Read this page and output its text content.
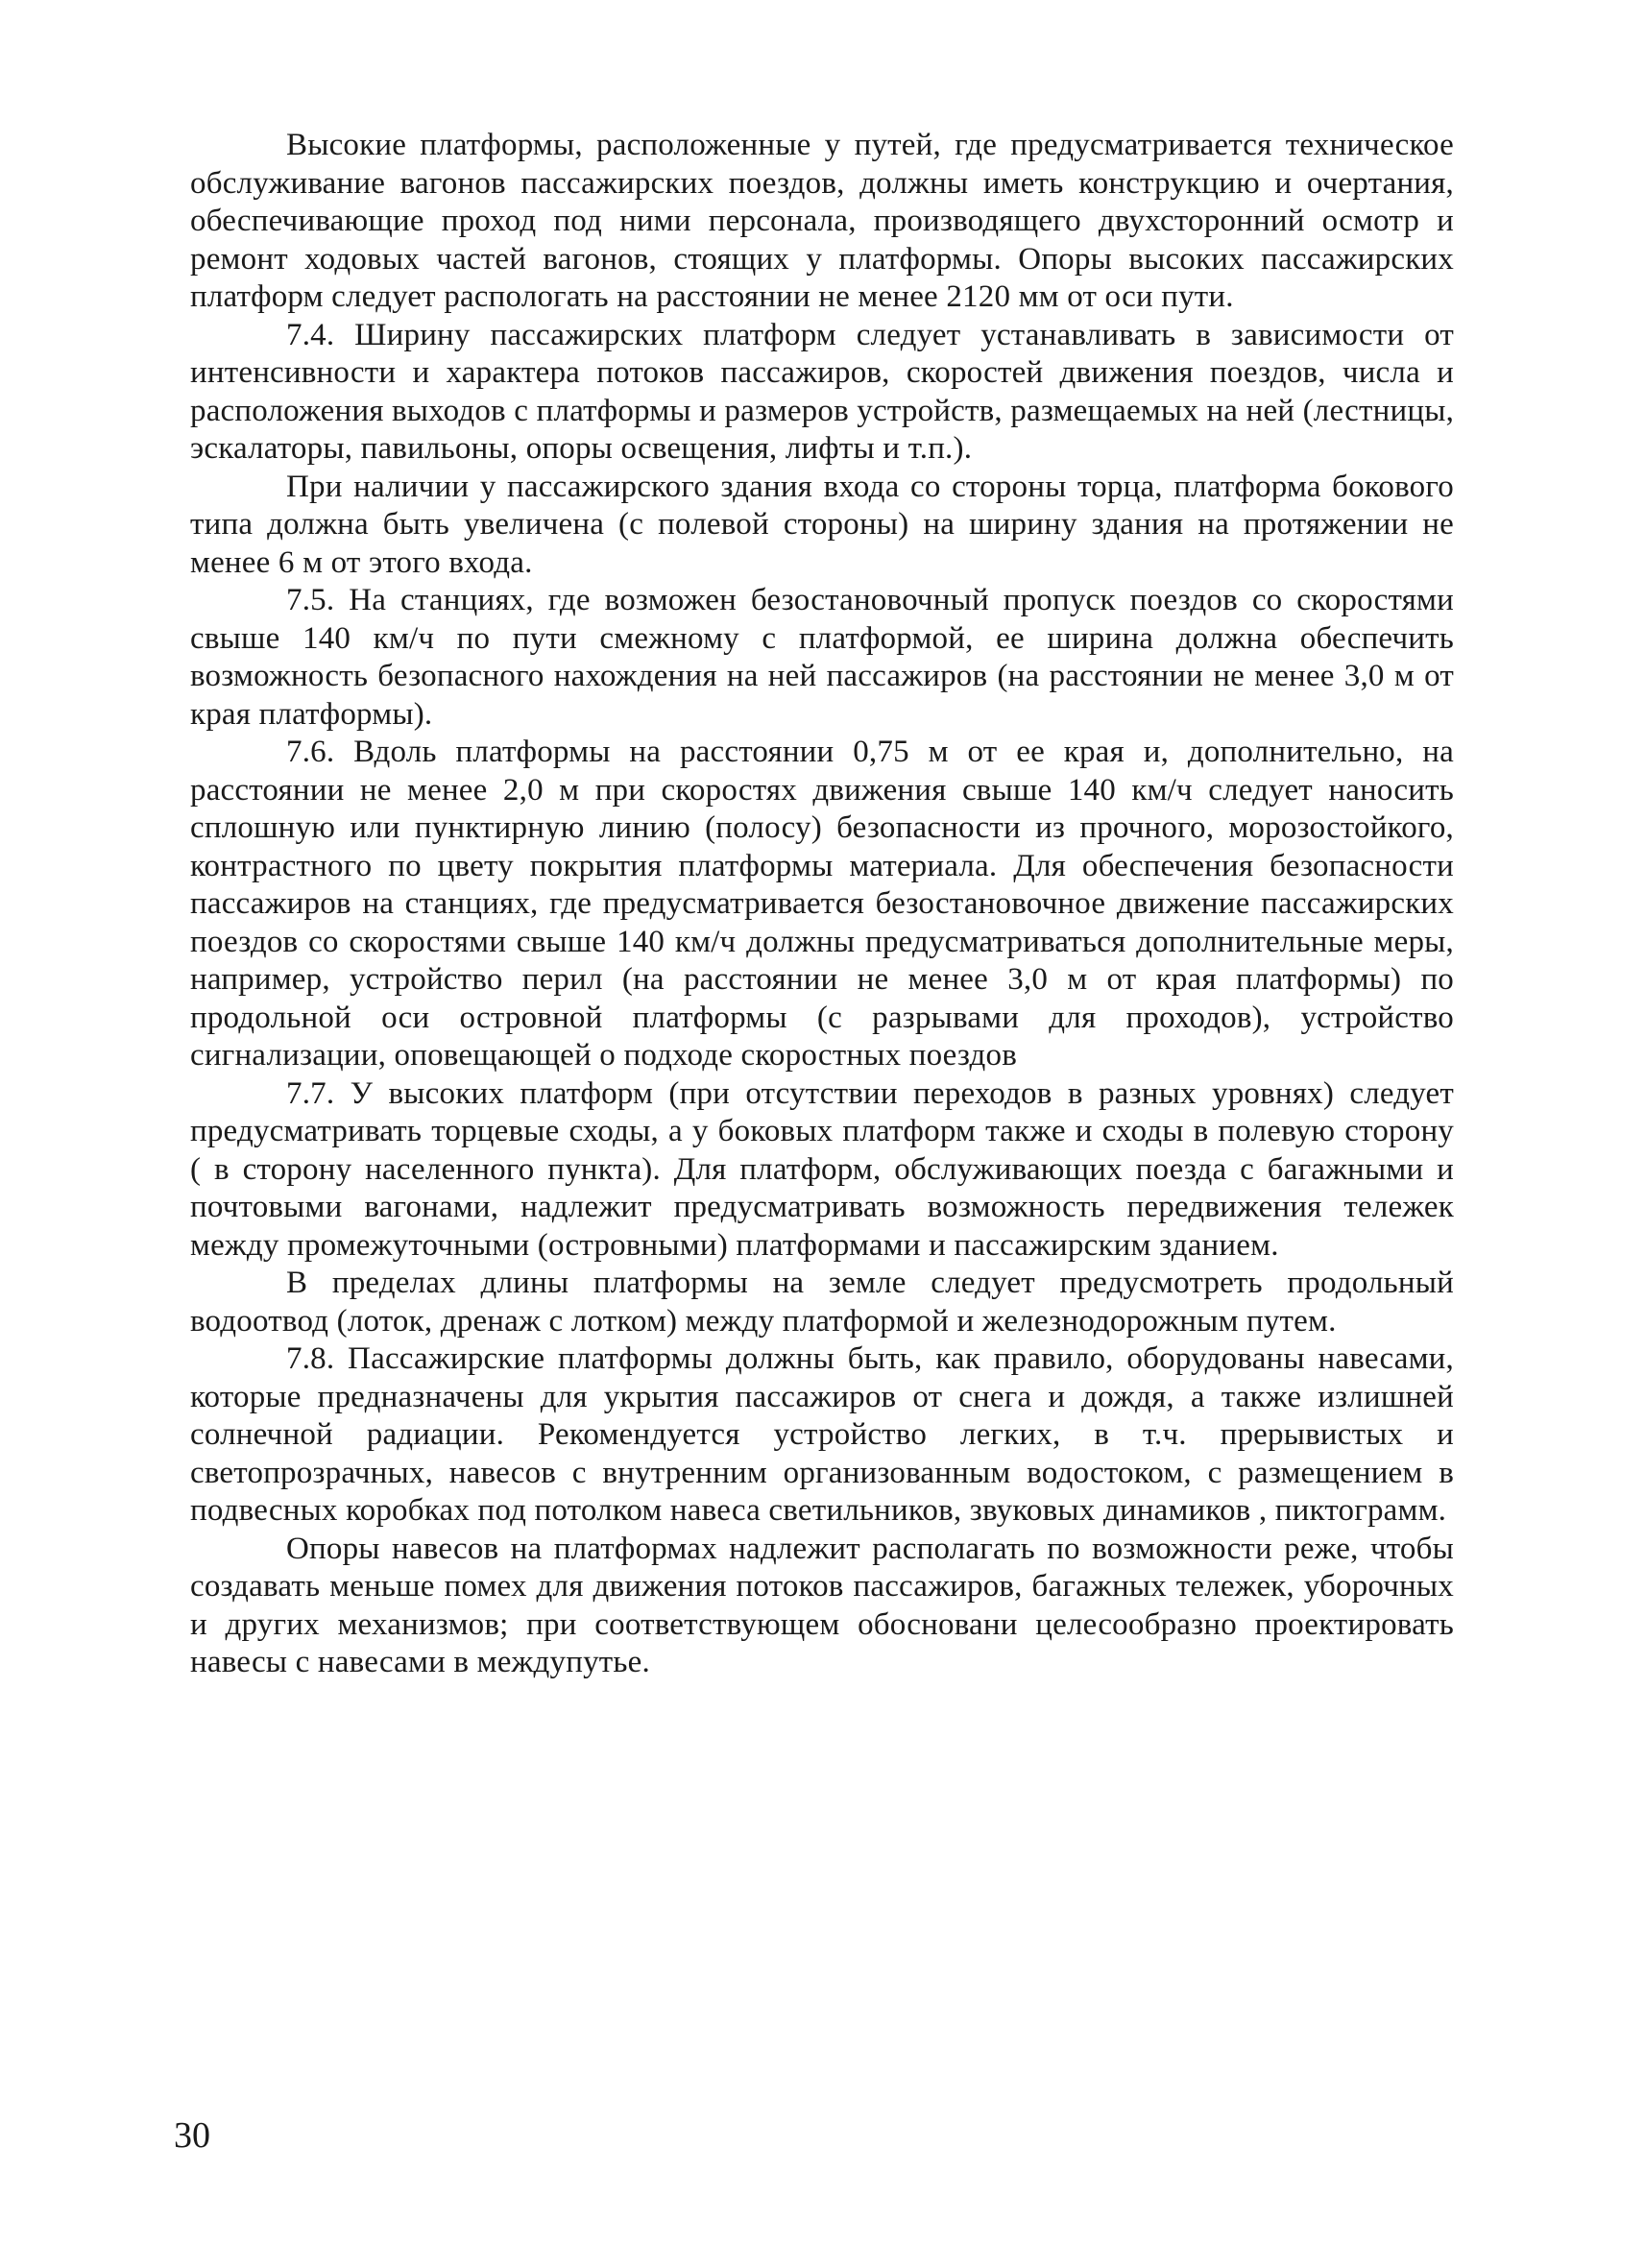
Высокие платформы, расположенные у путей, где предусматривается техническое обслуживание вагонов пассажирских поездов, должны иметь конструкцию и очертания, обеспечивающие проход под ними персонала, производящего двухсторонний осмотр и ремонт ходовых частей вагонов, стоящих у платформы. Опоры высоких пассажирских платформ следует распологать на расстоянии не менее 2120 мм от оси пути.

7.4. Ширину пассажирских платформ следует устанавливать в зависимости от интенсивности и характера потоков пассажиров, скоростей движения поездов, числа и расположения выходов с платформы и размеров устройств, размещаемых на ней (лестницы, эскалаторы, павильоны, опоры освещения, лифты и т.п.).

При наличии у пассажирского здания входа со стороны торца, платформа бокового типа должна быть увеличена (с полевой стороны) на ширину здания на протяжении не менее 6 м от этого входа.

7.5. На станциях, где возможен безостановочный пропуск поездов со скоростями свыше 140 км/ч по пути смежному с платформой, ее ширина должна обеспечить возможность безопасного нахождения на ней пассажиров (на расстоянии не менее 3,0 м от края платформы).

7.6. Вдоль платформы на расстоянии 0,75 м от ее края и, дополнительно, на расстоянии не менее 2,0 м при скоростях движения свыше 140 км/ч следует наносить сплошную или пунктирную линию (полосу) безопасности из прочного, морозостойкого, контрастного по цвету покрытия платформы материала. Для обеспечения безопасности пассажиров на станциях, где предусматривается безостановочное движение пассажирских поездов со скоростями свыше 140 км/ч должны предусматриваться дополнительные меры, например, устройство перил (на расстоянии не менее 3,0 м от края платформы) по продольной оси островной платформы (с разрывами для проходов), устройство сигнализации, оповещающей о подходе скоростных поездов

7.7. У высоких платформ (при отсутствии переходов в разных уровнях) следует предусматривать торцевые сходы, а у боковых платформ также и сходы в полевую сторону ( в сторону населенного пункта). Для платформ, обслуживающих поезда с багажными и почтовыми вагонами, надлежит предусматривать возможность передвижения тележек между промежуточными (островными) платформами и пассажирским зданием.

В пределах длины платформы на земле следует предусмотреть продольный водоотвод (лоток, дренаж с лотком) между платформой и железнодорожным путем.

7.8. Пассажирские платформы должны быть, как правило, оборудованы навесами, которые предназначены для укрытия пассажиров от снега и дождя, а также излишней солнечной радиации. Рекомендуется устройство легких, в т.ч. прерывистых и светопрозрачных, навесов с внутренним организованным водостоком, с размещением в подвесных коробках под потолком навеса светильников, звуковых динамиков , пиктограмм.

Опоры навесов на платформах надлежит располагать по возможности реже, чтобы создавать меньше помех для движения потоков пассажиров, багажных тележек, уборочных и других механизмов; при соответствующем обосновани целесообразно проектировать навесы с навесами в междупутье.

30
